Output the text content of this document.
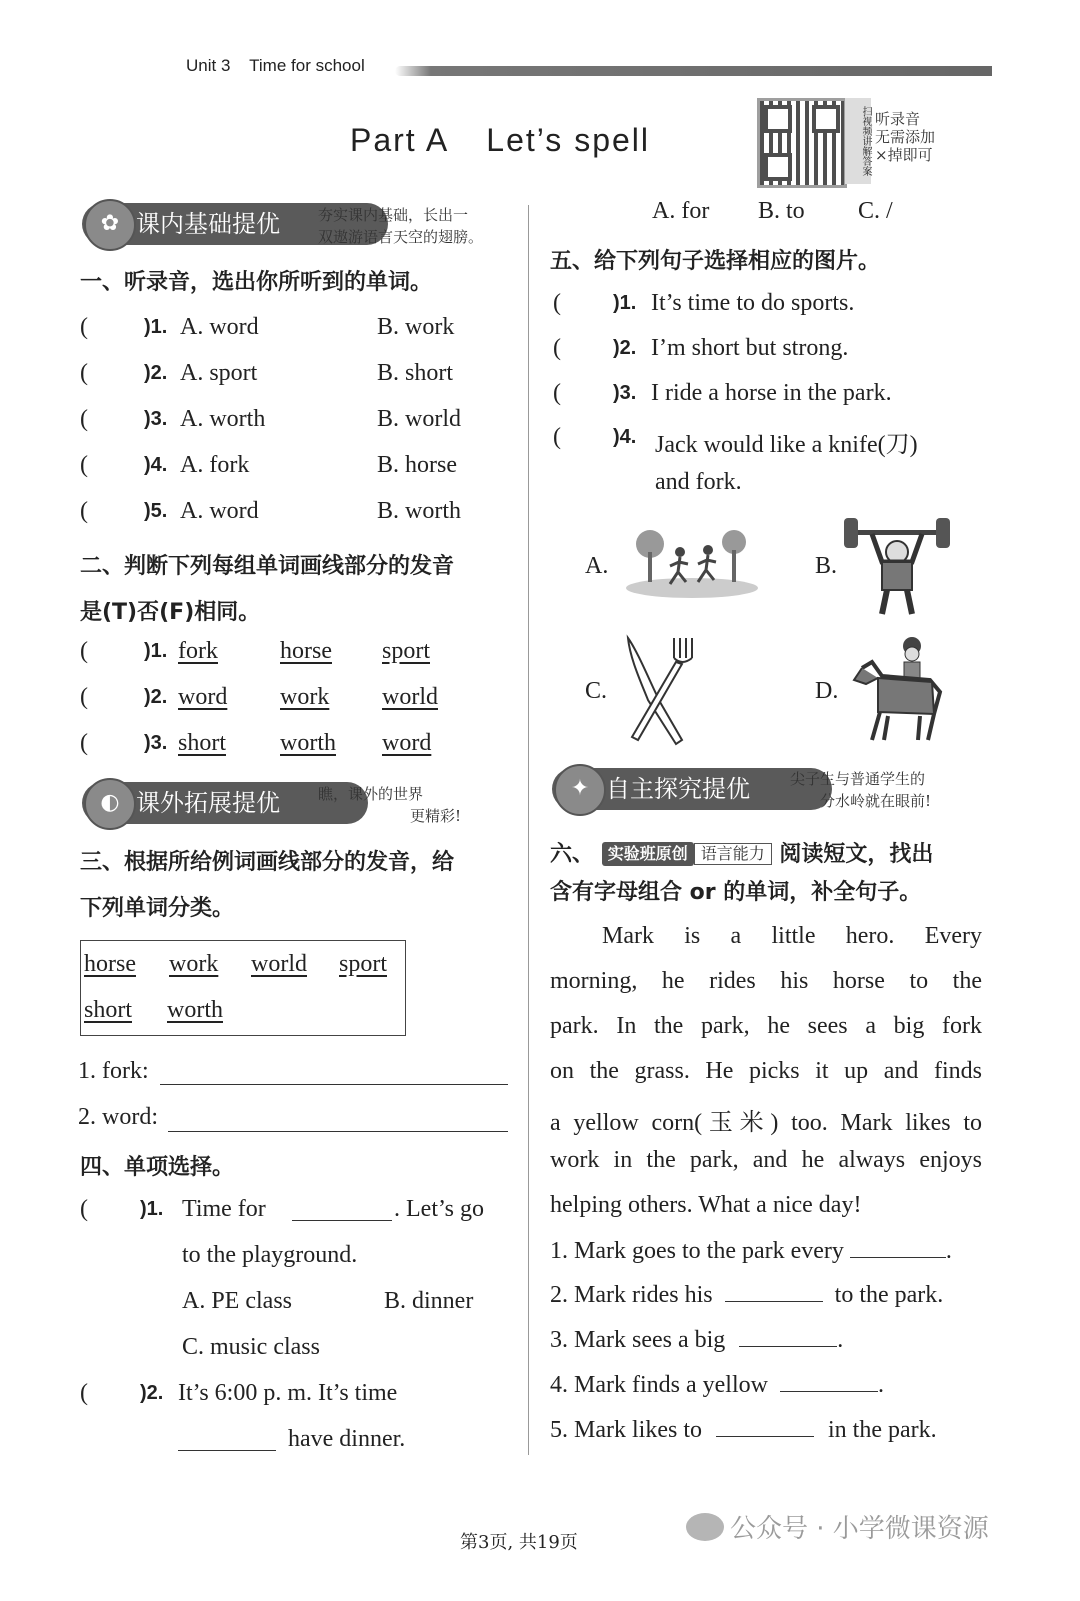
Unit 3 Time for school
Part A Let’s spell	扫视频讲解答案 听录音
无需添加
×掉即可
✿ 课内基础提优	夯实课内基础，长出一
双遨游语言天空的翅膀。
一、听录音，选出你所听到的单词。
(	)1. A. word	B. work
(	)2. A. sport	B. short
(	)3. A. worth	B. world
(	)4. A. fork	B. horse
(	)5. A. word	B. worth
二、判断下列每组单词画线部分的发音
是(T)否(F)相同。
(	)1. fork	horse sport
(	)2. word work world
(	)3. short worth word
◐ 课外拓展提优	瞧，课外的世界
更精彩!
三、根据所给例词画线部分的发音，给
下列单词分类。
horse work world sport
short worth
1. fork:
2. word:
四、单项选择。
(	)1. Time for	. Let’s go
to the playground.
A. PE class	B. dinner
C. music class
(	)2. It’s 6:00 p. m. It’s time
have dinner.
A. for B. to C. /
五、给下列句子选择相应的图片。
(	)1. It’s time to do sports.
(	)2. I’m short but strong.
(	)3. I ride a horse in the park.
(	)4. Jack would like a knife(刀)
and fork.
A.	B.
C.	D.
✦ 自主探究提优	尖子生与普通学生的
分水岭就在眼前!
六、 实验班原创 语言能力 阅读短文，找出
含有字母组合 or 的单词，补全句子。
Mark is a little hero. Every
morning, he rides his horse to the
park. In the park, he sees a big fork
on the grass. He picks it up and finds
a yellow corn(玉米) too. Mark likes to
work in the park, and he always enjoys
helping others. What a nice day!
1. Mark goes to the park every	.
2. Mark rides his	to the park.
3. Mark sees a big	.
4. Mark finds a yellow	.
5. Mark likes to	in the park.
第3页, 共19页	公众号 · 小学微课资源
